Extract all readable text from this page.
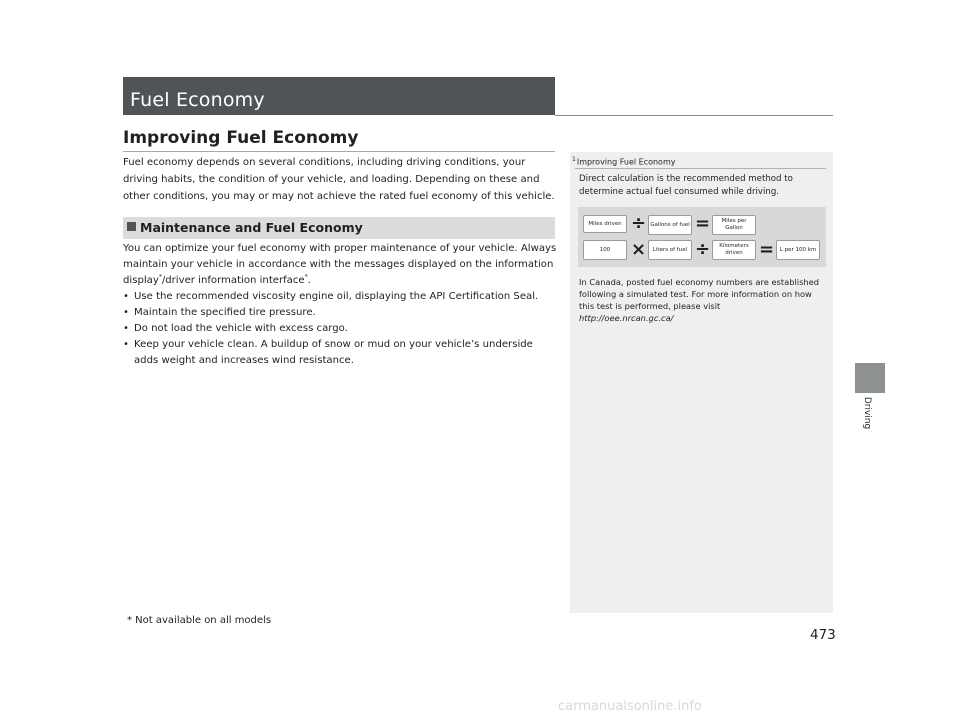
Fuel Economy
Improving Fuel Economy
Fuel economy depends on several conditions, including driving conditions, your driving habits, the condition of your vehicle, and loading. Depending on these and other conditions, you may or may not achieve the rated fuel economy of this vehicle.
Maintenance and Fuel Economy
You can optimize your fuel economy with proper maintenance of your vehicle. Always maintain your vehicle in accordance with the messages displayed on the information display*/driver information interface*.
• Use the recommended viscosity engine oil, displaying the API Certification Seal.
• Maintain the specified tire pressure.
• Do not load the vehicle with excess cargo.
• Keep your vehicle clean. A buildup of snow or mud on your vehicle’s underside adds weight and increases wind resistance.
$^1$Improving Fuel Economy
Direct calculation is the recommended method to determine actual fuel consumed while driving.
Miles driven ÷ Gallons of fuel =	Miles per Gallon
100	×	Liters of fuel ÷	Kilometers driven =	L per 100 km
In Canada, posted fuel economy numbers are established following a simulated test. For more information on how this test is performed, please visit
http://oee.nrcan.gc.ca/
Driving
* Not available on all models
473
carmanualsonline.info
